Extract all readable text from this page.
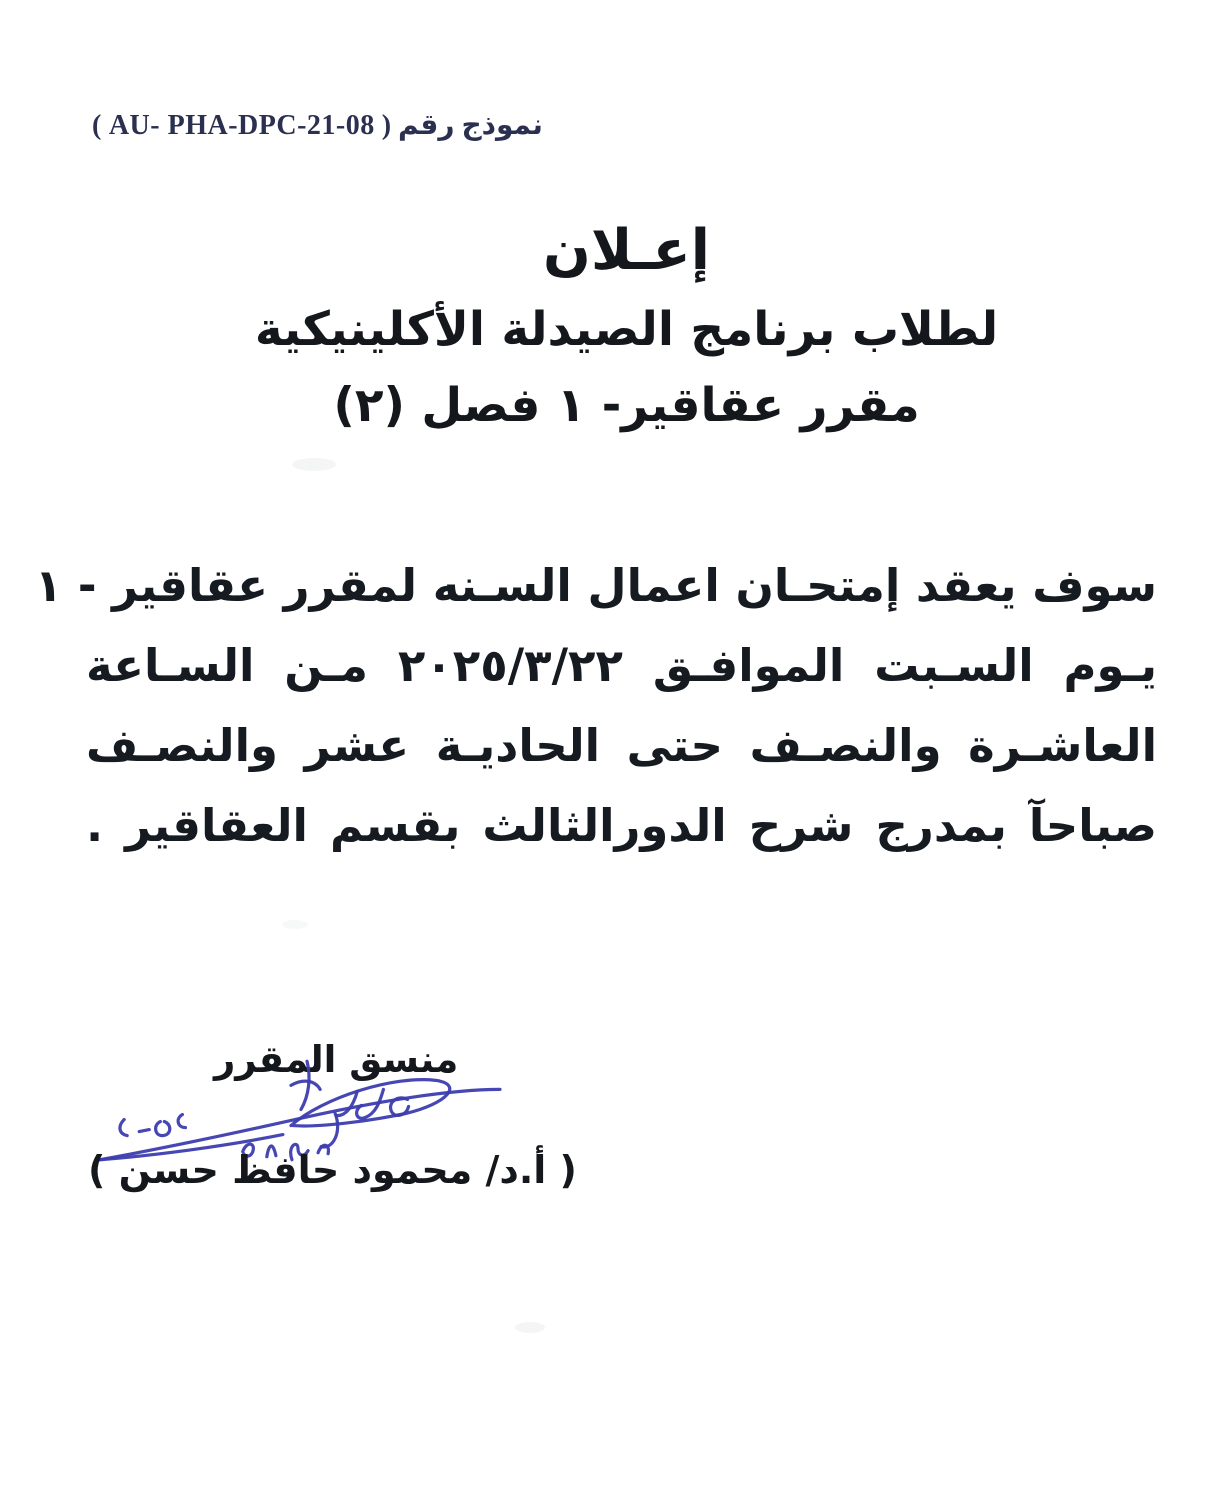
نموذج رقم ( AU- PHA-DPC-21-08 )
إعـلان
لطلاب برنامج الصيدلة الأكلينيكية
مقرر عقاقير- ١ فصل (٢)
سوف يعقد إمتحـان اعمال السـنه لمقرر عقاقير - ١
يـوم السـبت الموافـق ٢٠٢٥/٣/٢٢ مـن السـاعة
العاشـرة والنصـف حتى الحاديـة عشر والنصـف
صباحآ بمدرج شرح الدورالثالث بقسم العقاقير .
منسق المقرر
( أ.د/ محمود حافظ حسن )
